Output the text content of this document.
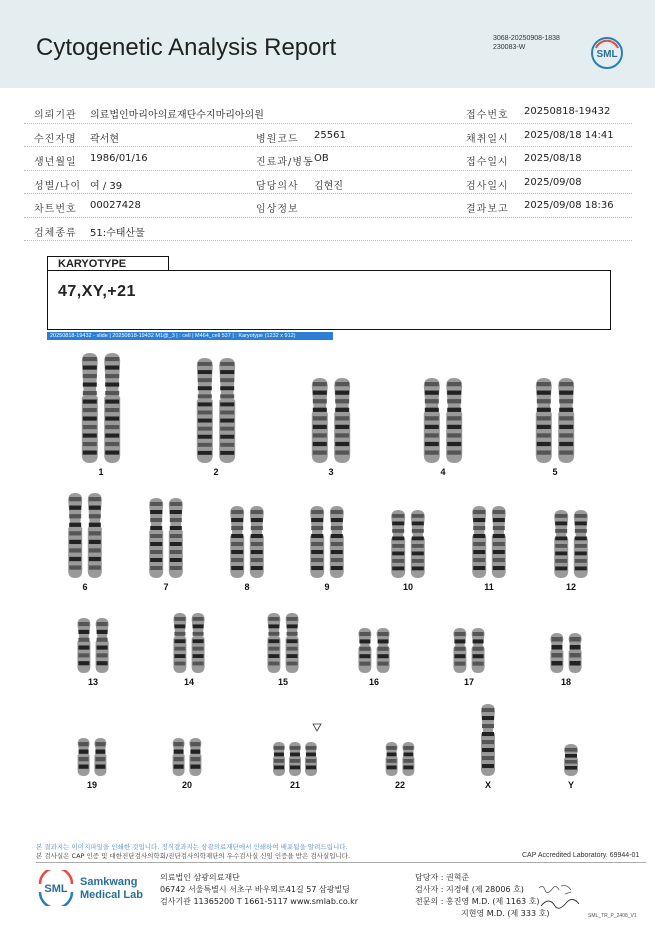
Cytogenetic Analysis Report	3068-20250908-1838
230083-W
SML
의뢰기관 의료법인마리아의료재단수지마리아의원	접수번호 20250818-19432
수진자명 곽서현	병원코드 25561	채취일시 2025/08/18 14:41
생년월일 1986/01/16	진료과/병동 OB	접수일시 2025/08/18
성별/나이 여 / 39	담당의사 김현진	검사일시 2025/09/08
차트번호 00027428	임상정보	결과보고 2025/09/08 18:36
검체종류 51:수태산물
KARYOTYPE
47,XY,+21
20250818-19432 - slide | 20250818-19432 M1@_3 | : cell | M464_cell 537 | : Karyotype (1232 x 912)
1	2	3	4	5
6	7	8	9	10	11	12
13	14	15	16	17	18
19	20	21	22	X	Y
본 결과지는 이미지파일을 인쇄한 것입니다. 정식결과지는 삼광의료재단에서 인쇄하여 배포됨을 알려드립니다.
본 검사실은 CAP 인증 및 대한진단검사의학회/진단검사의학재단의 우수검사실 신임 인증을 받은 검사실입니다.	CAP Accredited Laboratory. 69944-01
SML
Samkwang
Medical Lab
의료법인 삼광의료재단
06742 서울특별시 서초구 바우뫼로41길 57 삼광빌딩
검사기관 11365200 T 1661-5117 www.smlab.co.kr
담당자 : 권혁준
검사자 : 지경애 (제 28006 호)
전문의 : 홍진영 M.D. (제 1163 호)
지현영 M.D. (제 333 호)	SML_TR_P_2408_V1
